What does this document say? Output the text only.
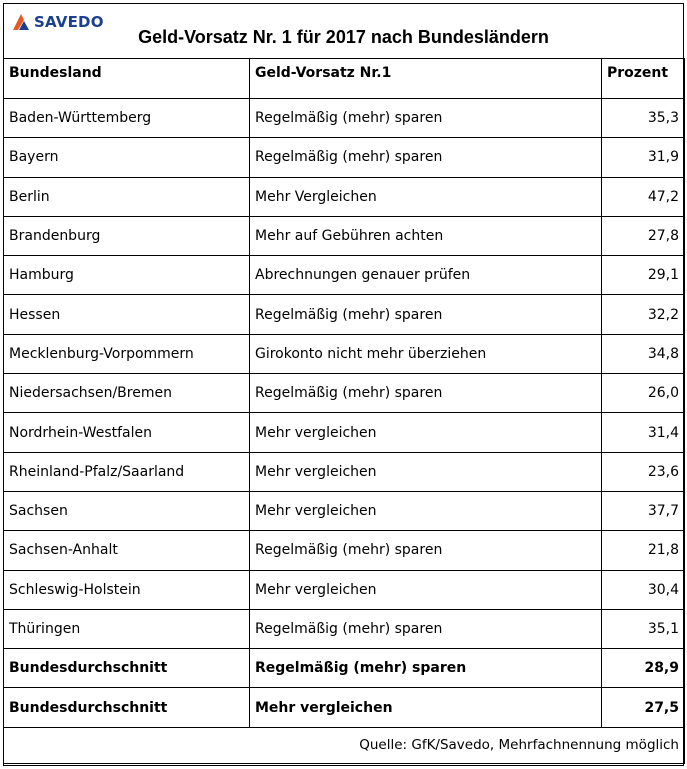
SAVEDO
Geld-Vorsatz Nr. 1 für 2017 nach Bundesländern
Bundesland	Geld-Vorsatz Nr.1	Prozent
Baden-Württemberg	Regelmäßig (mehr) sparen	35,3
Bayern	Regelmäßig (mehr) sparen	31,9
Berlin	Mehr Vergleichen	47,2
Brandenburg	Mehr auf Gebühren achten	27,8
Hamburg	Abrechnungen genauer prüfen	29,1
Hessen	Regelmäßig (mehr) sparen	32,2
Mecklenburg-Vorpommern	Girokonto nicht mehr überziehen	34,8
Niedersachsen/Bremen	Regelmäßig (mehr) sparen	26,0
Nordrhein-Westfalen	Mehr vergleichen	31,4
Rheinland-Pfalz/Saarland	Mehr vergleichen	23,6
Sachsen	Mehr vergleichen	37,7
Sachsen-Anhalt	Regelmäßig (mehr) sparen	21,8
Schleswig-Holstein	Mehr vergleichen	30,4
Thüringen	Regelmäßig (mehr) sparen	35,1
Bundesdurchschnitt	Regelmäßig (mehr) sparen	28,9
Bundesdurchschnitt	Mehr vergleichen	27,5
Quelle: GfK/Savedo, Mehrfachnennung möglich		
